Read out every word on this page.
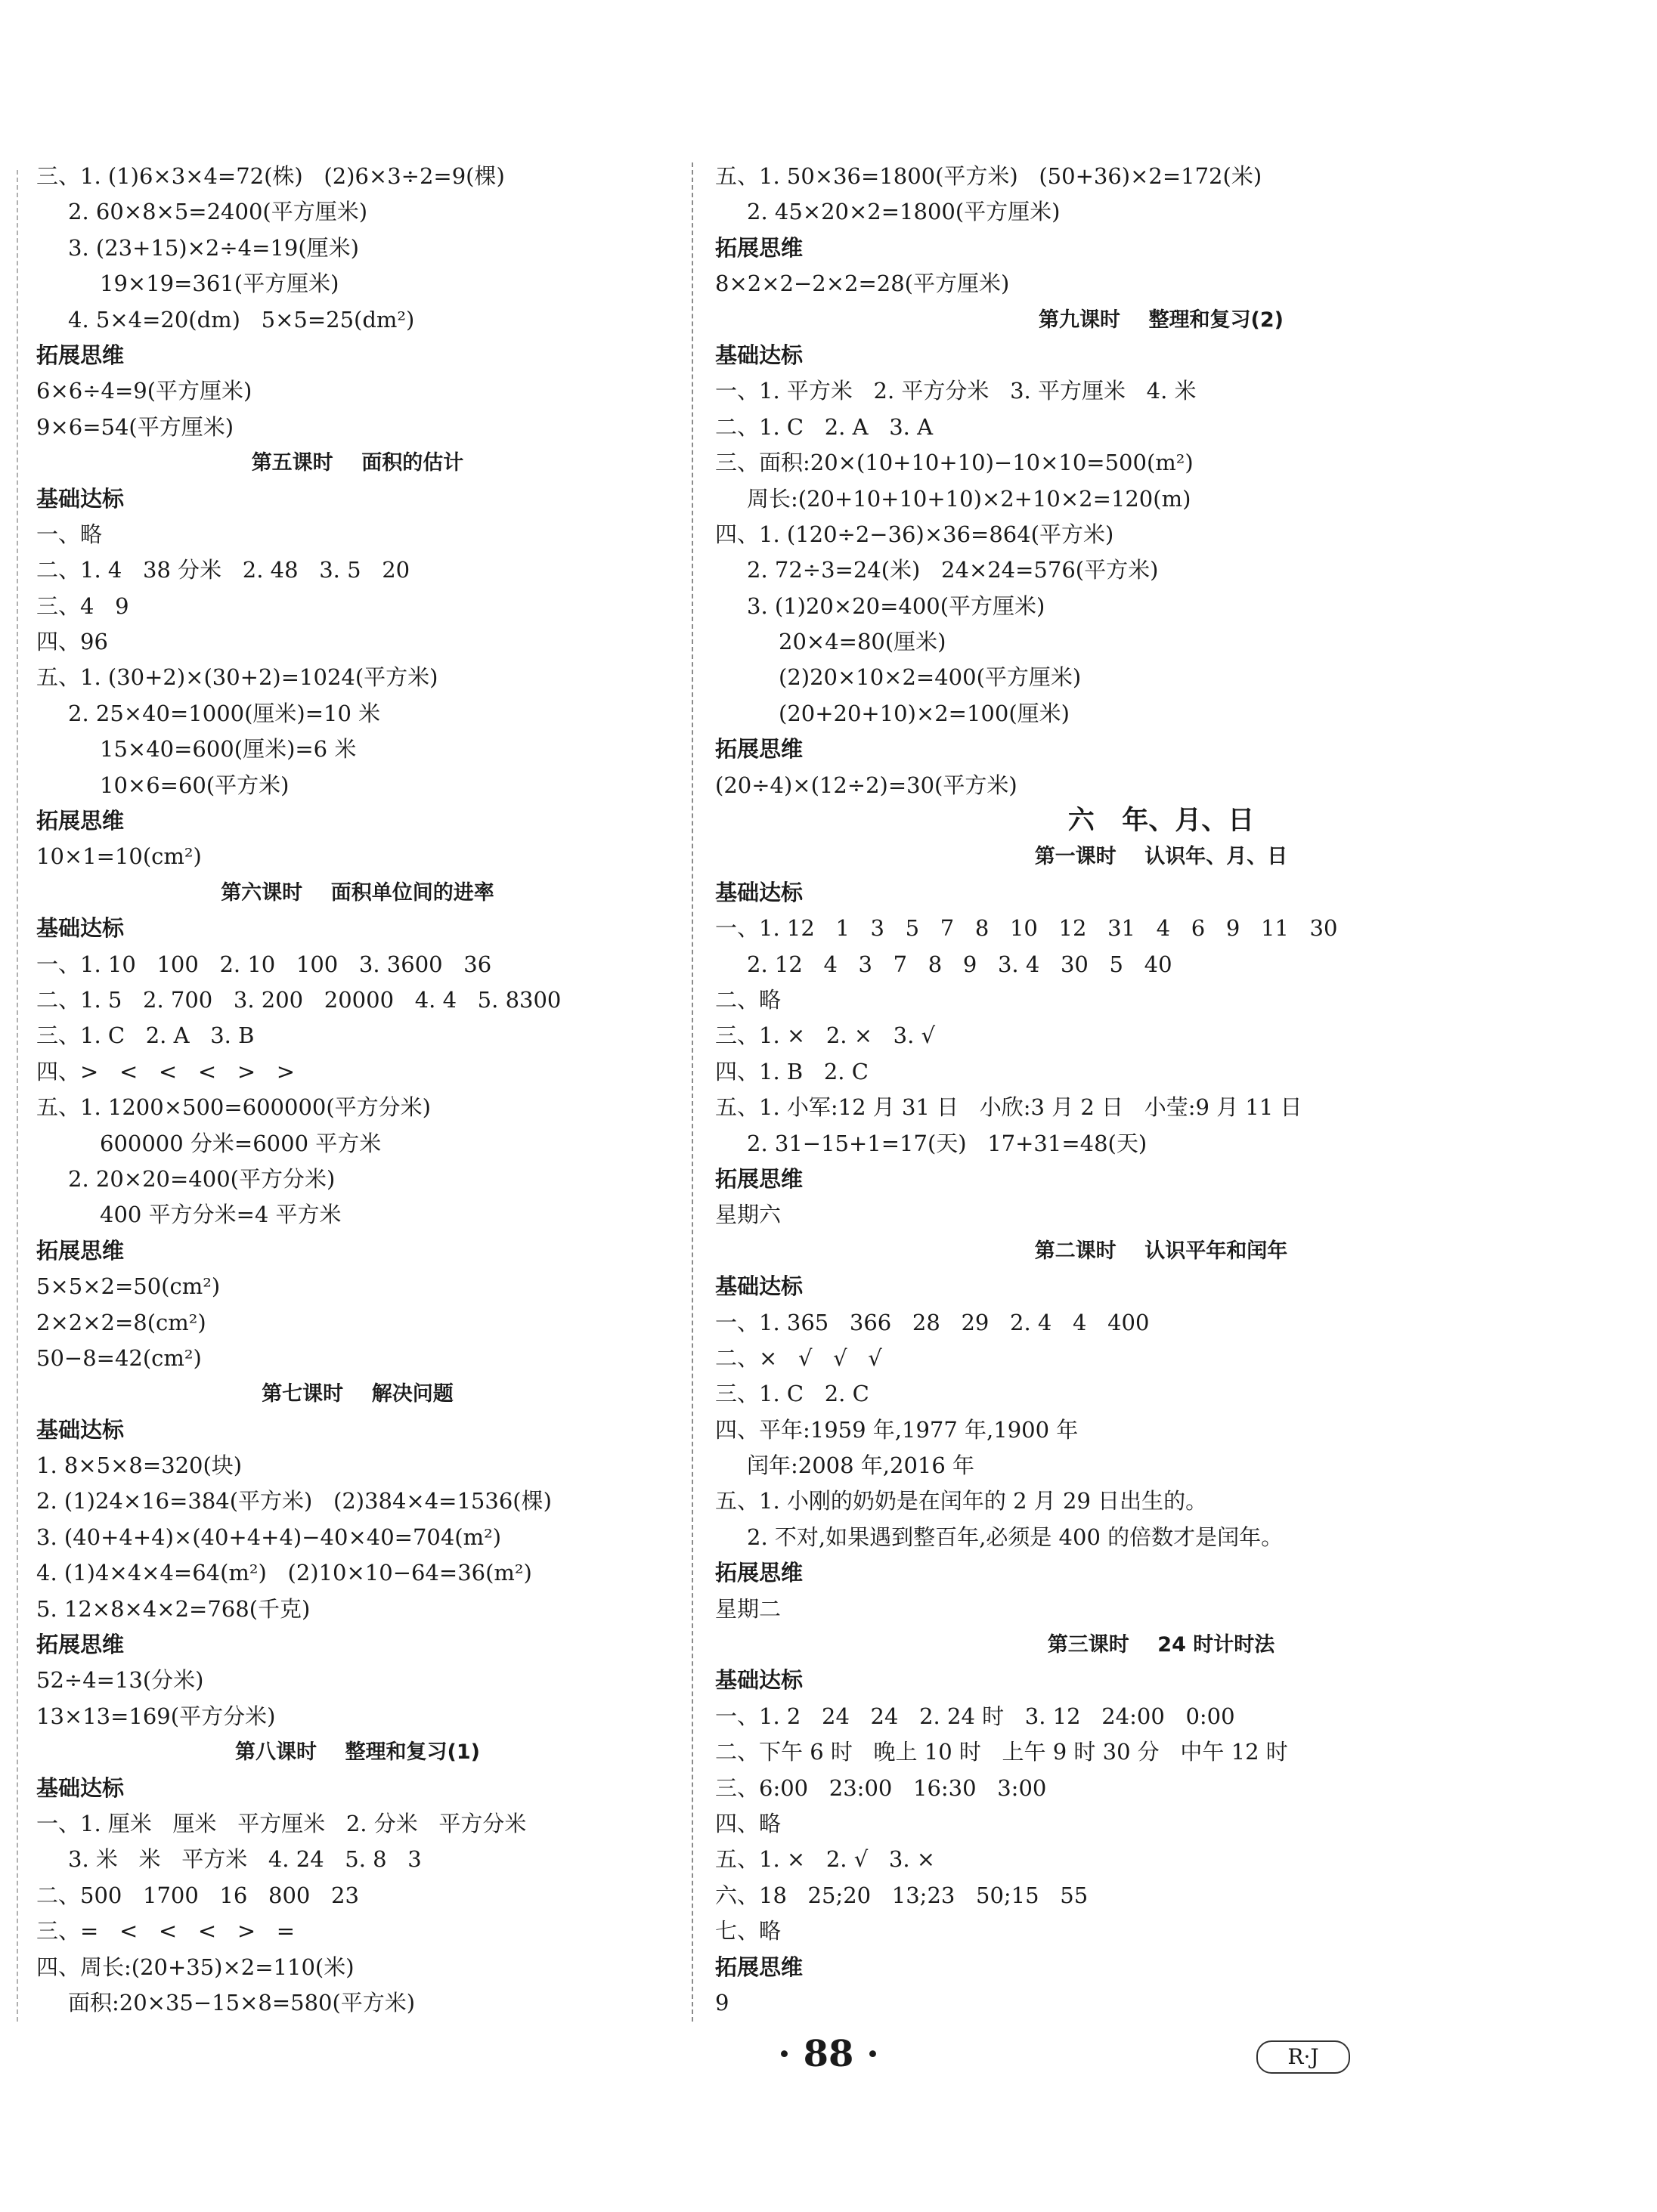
三、1. (1)6×3×4=72(株)   (2)6×3÷2=9(棵)
2. 60×8×5=2400(平方厘米)
3. (23+15)×2÷4=19(厘米)
19×19=361(平方厘米)
4. 5×4=20(dm)   5×5=25(dm²)
拓展思维
6×6÷4=9(平方厘米)
9×6=54(平方厘米)
第五课时    面积的估计
基础达标
一、略
二、1. 4   38 分米   2. 48   3. 5   20
三、4   9
四、96
五、1. (30+2)×(30+2)=1024(平方米)
2. 25×40=1000(厘米)=10 米
15×40=600(厘米)=6 米
10×6=60(平方米)
拓展思维
10×1=10(cm²)
第六课时    面积单位间的进率
基础达标
一、1. 10   100   2. 10   100   3. 3600   36
二、1. 5   2. 700   3. 200   20000   4. 4   5. 8300
三、1. C   2. A   3. B
四、>   <   <   <   >   >
五、1. 1200×500=600000(平方分米)
600000 分米=6000 平方米
2. 20×20=400(平方分米)
400 平方分米=4 平方米
拓展思维
5×5×2=50(cm²)
2×2×2=8(cm²)
50−8=42(cm²)
第七课时    解决问题
基础达标
1. 8×5×8=320(块)
2. (1)24×16=384(平方米)   (2)384×4=1536(棵)
3. (40+4+4)×(40+4+4)−40×40=704(m²)
4. (1)4×4×4=64(m²)   (2)10×10−64=36(m²)
5. 12×8×4×2=768(千克)
拓展思维
52÷4=13(分米)
13×13=169(平方分米)
第八课时    整理和复习(1)
基础达标
一、1. 厘米   厘米   平方厘米   2. 分米   平方分米
3. 米   米   平方米   4. 24   5. 8   3
二、500   1700   16   800   23
三、=   <   <   <   >   =
四、周长:(20+35)×2=110(米)
面积:20×35−15×8=580(平方米)
五、1. 50×36=1800(平方米)   (50+36)×2=172(米)
2. 45×20×2=1800(平方厘米)
拓展思维
8×2×2−2×2=28(平方厘米)
第九课时    整理和复习(2)
基础达标
一、1. 平方米   2. 平方分米   3. 平方厘米   4. 米
二、1. C   2. A   3. A
三、面积:20×(10+10+10)−10×10=500(m²)
周长:(20+10+10+10)×2+10×2=120(m)
四、1. (120÷2−36)×36=864(平方米)
2. 72÷3=24(米)   24×24=576(平方米)
3. (1)20×20=400(平方厘米)
20×4=80(厘米)
(2)20×10×2=400(平方厘米)
(20+20+10)×2=100(厘米)
拓展思维
(20÷4)×(12÷2)=30(平方米)
六   年、月、日
第一课时    认识年、月、日
基础达标
一、1. 12   1   3   5   7   8   10   12   31   4   6   9   11   30
2. 12   4   3   7   8   9   3. 4   30   5   40
二、略
三、1. ×   2. ×   3. √
四、1. B   2. C
五、1. 小军:12 月 31 日   小欣:3 月 2 日   小莹:9 月 11 日
2. 31−15+1=17(天)   17+31=48(天)
拓展思维
星期六
第二课时    认识平年和闰年
基础达标
一、1. 365   366   28   29   2. 4   4   400
二、×   √   √   √
三、1. C   2. C
四、平年:1959 年,1977 年,1900 年
闰年:2008 年,2016 年
五、1. 小刚的奶奶是在闰年的 2 月 29 日出生的。
2. 不对,如果遇到整百年,必须是 400 的倍数才是闰年。
拓展思维
星期二
第三课时    24 时计时法
基础达标
一、1. 2   24   24   2. 24 时   3. 12   24:00   0:00
二、下午 6 时   晚上 10 时   上午 9 时 30 分   中午 12 时
三、6:00   23:00   16:30   3:00
四、略
五、1. ×   2. √   3. ×
六、18   25;20   13;23   50;15   55
七、略
拓展思维
9
· 88 ·	R·J
